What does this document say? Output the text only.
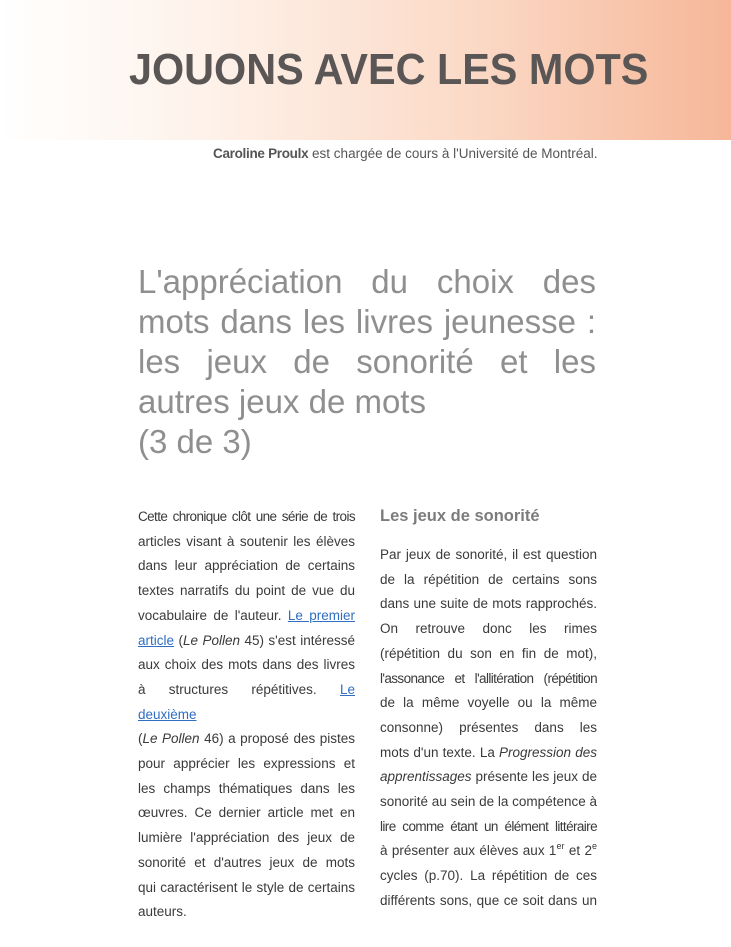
JOUONS AVEC LES MOTS
Caroline Proulx est chargée de cours à l'Université de Montréal.
L'appréciation du choix des
mots dans les livres jeunesse :
les jeux de sonorité et les
autres jeux de mots
(3 de 3)
Cette chronique clôt une série de trois
articles visant à soutenir les élèves
dans leur appréciation de certains
textes narratifs du point de vue du
vocabulaire de l'auteur. Le premier
article (Le Pollen 45) s'est intéressé
aux choix des mots dans des livres
à structures répétitives. Le deuxième
(Le Pollen 46) a proposé des pistes
pour apprécier les expressions et
les champs thématiques dans les
œuvres. Ce dernier article met en
lumière l'appréciation des jeux de
sonorité et d'autres jeux de mots
qui caractérisent le style de certains
auteurs.
Les jeux de sonorité
Par jeux de sonorité, il est question
de la répétition de certains sons
dans une suite de mots rapprochés.
On retrouve donc les rimes
(répétition du son en fin de mot),
l'assonance et l'allitération (répétition
de la même voyelle ou la même
consonne) présentes dans les
mots d'un texte. La Progression des
apprentissages présente les jeux de
sonorité au sein de la compétence à
lire comme étant un élément littéraire
à présenter aux élèves aux 1er et 2e
cycles (p.70). La répétition de ces
différents sons, que ce soit dans un
